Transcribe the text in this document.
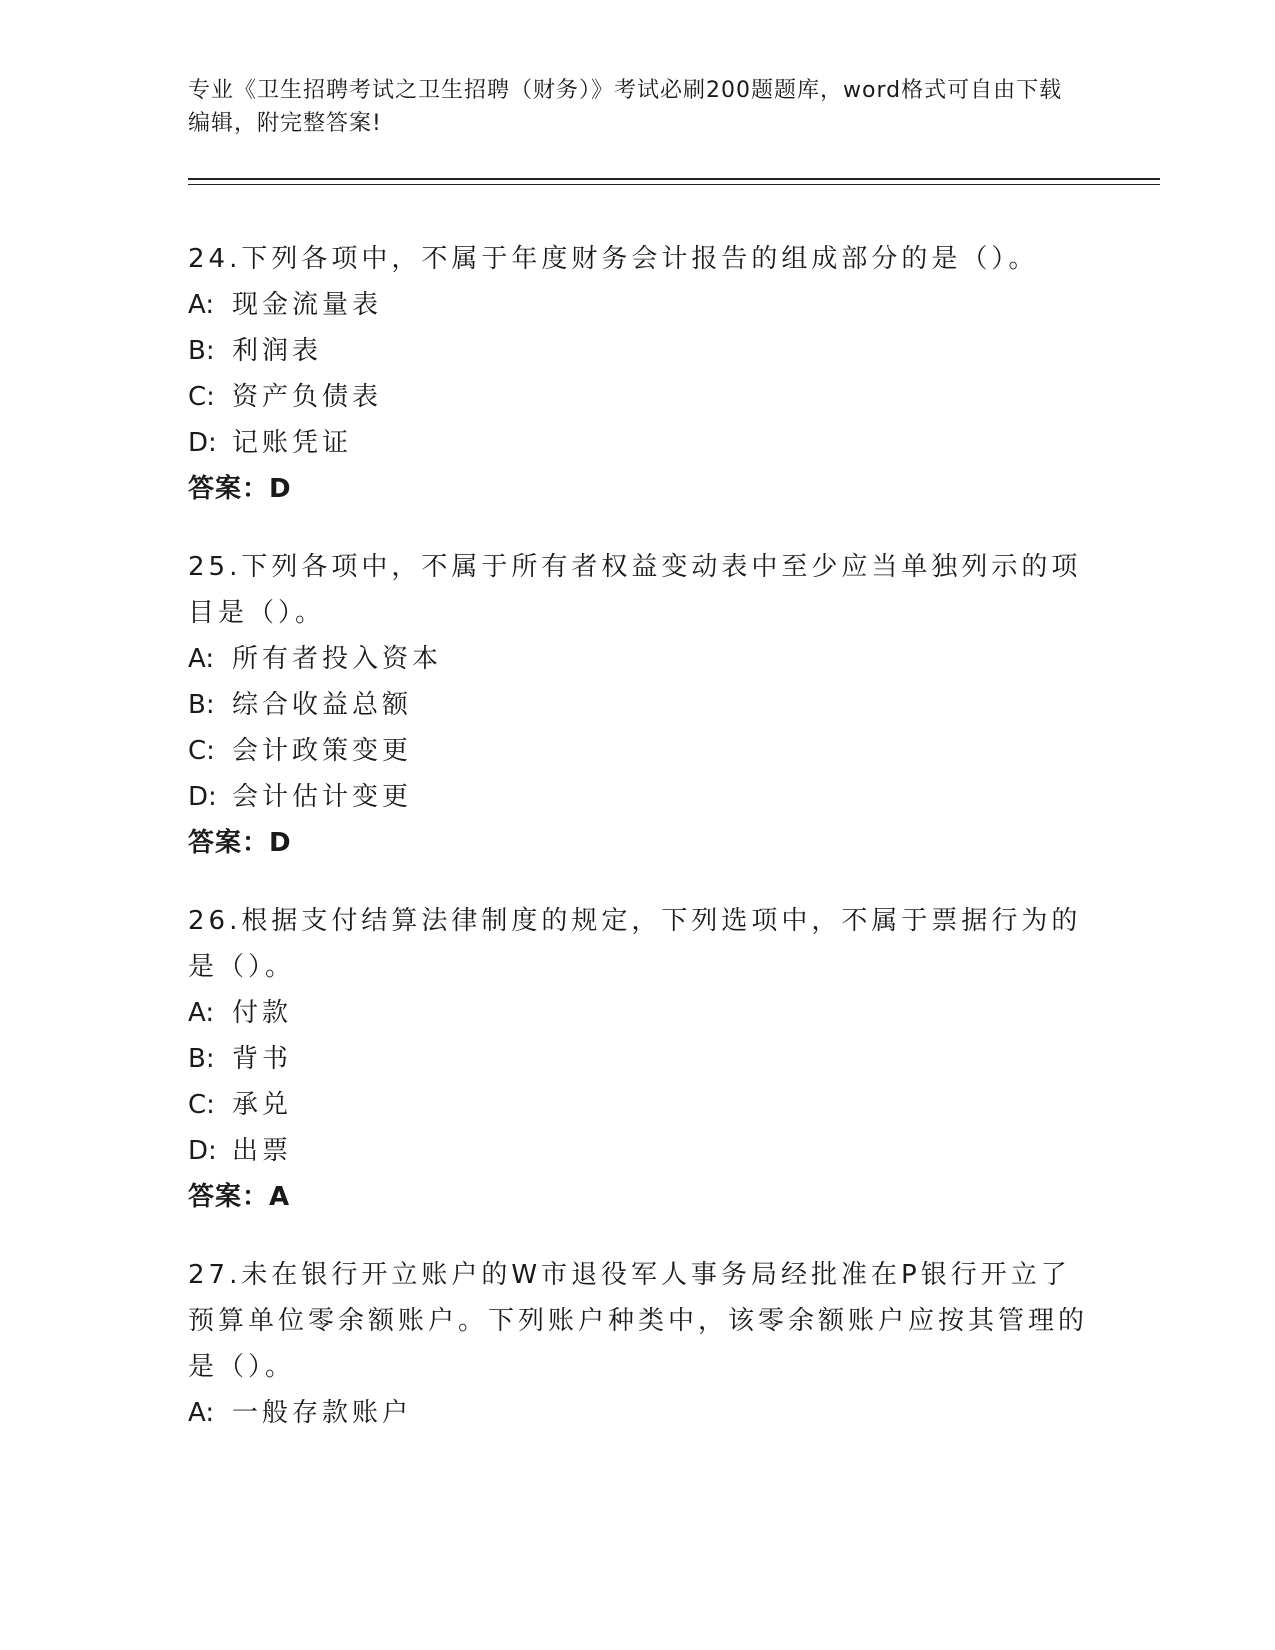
专业《卫生招聘考试之卫生招聘（财务）》考试必刷200题题库，word格式可自由下载编辑，附完整答案!

24.下列各项中，不属于年度财务会计报告的组成部分的是（）。

A: 现金流量表

B: 利润表

C: 资产负债表

D: 记账凭证

答案：D

25.下列各项中，不属于所有者权益变动表中至少应当单独列示的项目是（）。

A: 所有者投入资本

B: 综合收益总额

C: 会计政策变更

D: 会计估计变更

答案：D

26.根据支付结算法律制度的规定，下列选项中，不属于票据行为的是（）。

A: 付款

B: 背书

C: 承兑

D: 出票

答案：A

27.未在银行开立账户的W市退役军人事务局经批准在P银行开立了预算单位零余额账户。下列账户种类中，该零余额账户应按其管理的是（）。

A: 一般存款账户
